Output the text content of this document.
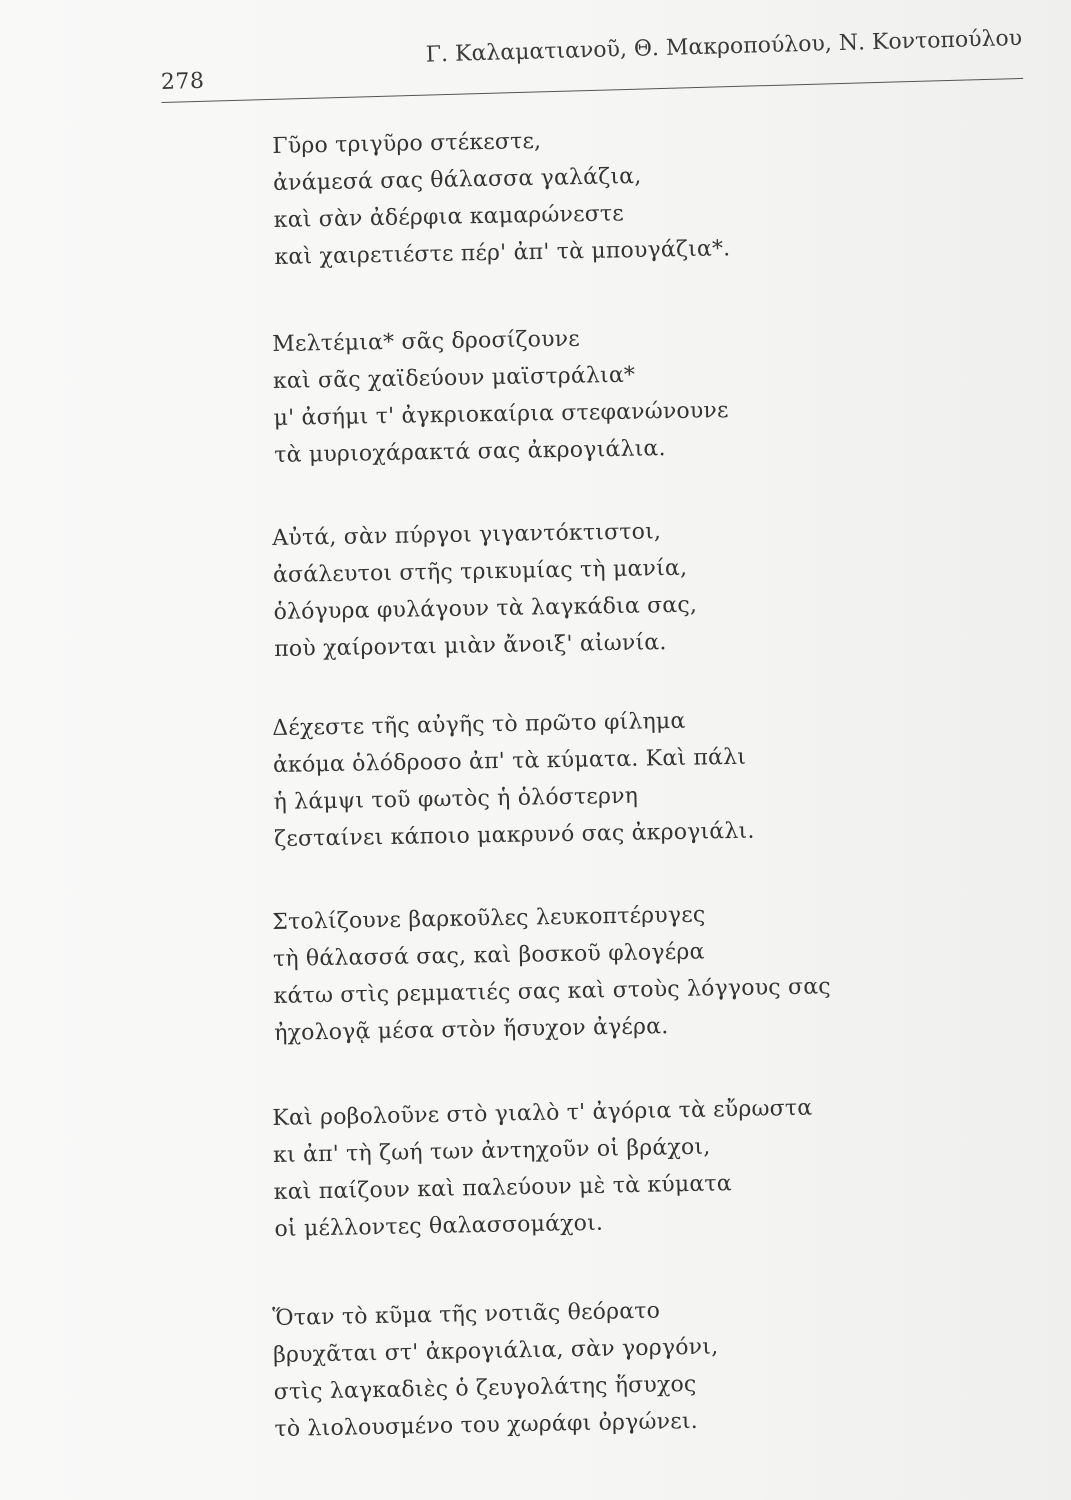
278
Γ. Καλαματιανοῦ, Θ. Μακροπούλου, Ν. Κοντοπούλου
Γῦρο τριγῦρο στέκεστε,
ἀνάμεσά σας θάλασσα γαλάζια,
καὶ σὰν ἀδέρφια καμαρώνεστε
καὶ χαιρετιέστε πέρ' ἀπ' τὰ μπουγάζια*.
Μελτέμια* σᾶς δροσίζουνε
καὶ σᾶς χαϊδεύουν μαϊστράλια*
μ' ἀσήμι τ' ἀγκριοκαίρια στεφανώνουνε
τὰ μυριοχάρακτά σας ἀκρογιάλια.
Αὐτά, σὰν πύργοι γιγαντόκτιστοι,
ἀσάλευτοι στῆς τρικυμίας τὴ μανία,
ὁλόγυρα φυλάγουν τὰ λαγκάδια σας,
ποὺ χαίρονται μιὰν ἄνοιξ' αἰωνία.
Δέχεστε τῆς αὐγῆς τὸ πρῶτο φίλημα
ἀκόμα ὁλόδροσο ἀπ' τὰ κύματα. Καὶ πάλι
ἡ λάμψι τοῦ φωτὸς ἡ ὁλόστερνη
ζεσταίνει κάποιο μακρυνό σας ἀκρογιάλι.
Στολίζουνε βαρκοῦλες λευκοπτέρυγες
τὴ θάλασσά σας, καὶ βοσκοῦ φλογέρα
κάτω στὶς ρεμματιές σας καὶ στοὺς λόγγους σας
ἠχολογᾷ μέσα στὸν ἥσυχον ἀγέρα.
Καὶ ροβολοῦνε στὸ γιαλὸ τ' ἀγόρια τὰ εὔρωστα
κι ἀπ' τὴ ζωή των ἀντηχοῦν οἱ βράχοι,
καὶ παίζουν καὶ παλεύουν μὲ τὰ κύματα
οἱ μέλλοντες θαλασσομάχοι.
Ὅταν τὸ κῦμα τῆς νοτιᾶς θεόρατο
βρυχᾶται στ' ἀκρογιάλια, σὰν γοργόνι,
στὶς λαγκαδιὲς ὁ ζευγολάτης ἥσυχος
τὸ λιολουσμένο του χωράφι ὀργώνει.
